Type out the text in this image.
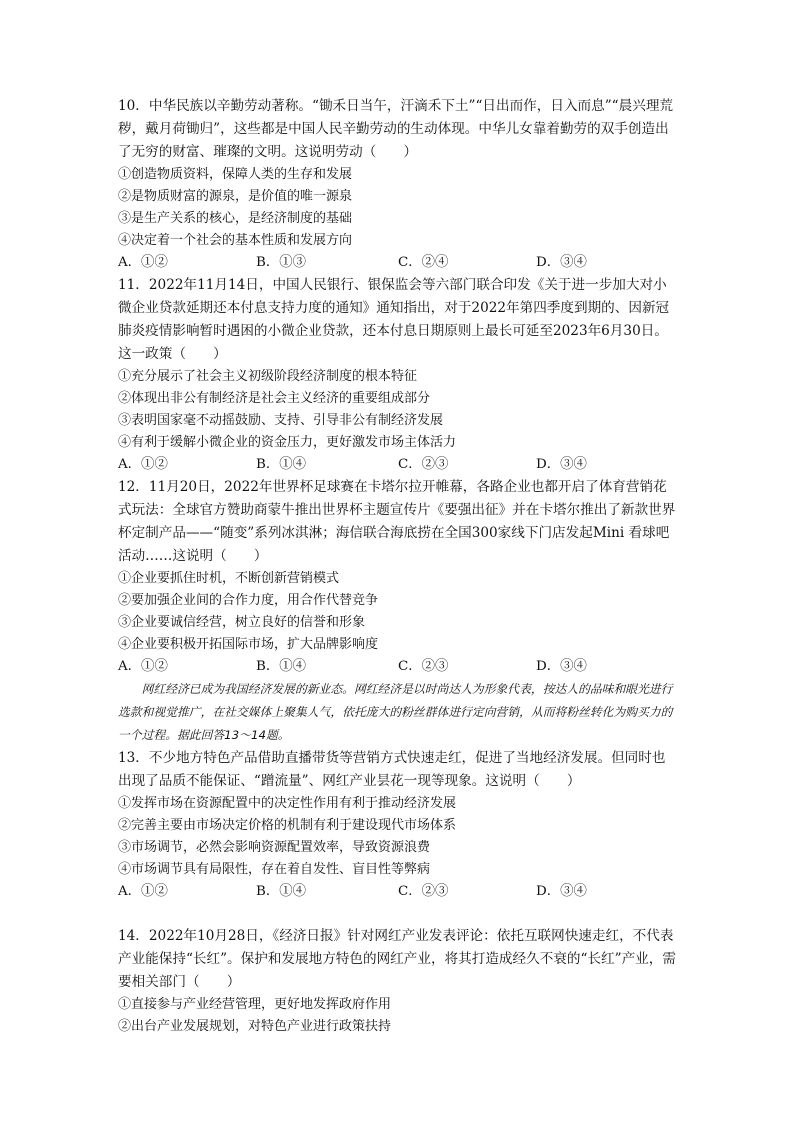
10．中华民族以辛勤劳动著称。“锄禾日当午，汗滴禾下土”“日出而作，日入而息”“晨兴理荒秽，戴月荷锄归”，这些都是中国人民辛勤劳动的生动体现。中华儿女靠着勤劳的双手创造出了无穷的财富、璀璨的文明。这说明劳动（　　）

①创造物质资料，保障人类的生存和发展

②是物质财富的源泉，是价值的唯一源泉

③是生产关系的核心，是经济制度的基础

④决定着一个社会的基本性质和发展方向

A．①②	B．①③	C．②④	D．③④

11．2022年11月14日，中国人民银行、银保监会等六部门联合印发《关于进一步加大对小微企业贷款延期还本付息支持力度的通知》通知指出，对于2022年第四季度到期的、因新冠肺炎疫情影响暂时遇困的小微企业贷款，还本付息日期原则上最长可延至2023年6月30日。这一政策（　　）

①充分展示了社会主义初级阶段经济制度的根本特征

②体现出非公有制经济是社会主义经济的重要组成部分

③表明国家毫不动摇鼓励、支持、引导非公有制经济发展

④有利于缓解小微企业的资金压力，更好激发市场主体活力

A．①②	B．①④	C．②③	D．③④

12．11月20日，2022年世界杯足球赛在卡塔尔拉开帷幕，各路企业也都开启了体育营销花式玩法：全球官方赞助商蒙牛推出世界杯主题宣传片《要强出征》并在卡塔尔推出了新款世界杯定制产品——“随变”系列冰淇淋；海信联合海底捞在全国300家线下门店发起Mini 看球吧活动……这说明（　　）

①企业要抓住时机，不断创新营销模式

②要加强企业间的合作力度，用合作代替竞争

③企业要诚信经营，树立良好的信誉和形象

④企业要积极开拓国际市场，扩大品牌影响度

A．①②	B．①④	C．②③	D．③④

网红经济已成为我国经济发展的新业态。网红经济是以时尚达人为形象代表，按达人的品味和眼光进行选款和视觉推广，在社交媒体上聚集人气，依托庞大的粉丝群体进行定向营销，从而将粉丝转化为购买力的一个过程。据此回答13～14题。

13．不少地方特色产品借助直播带货等营销方式快速走红，促进了当地经济发展。但同时也出现了品质不能保证、“蹭流量”、网红产业昙花一现等现象。这说明（　　）

①发挥市场在资源配置中的决定性作用有利于推动经济发展

②完善主要由市场决定价格的机制有利于建设现代市场体系

③市场调节，必然会影响资源配置效率，导致资源浪费

④市场调节具有局限性，存在着自发性、盲目性等弊病

A．①②	B．①④	C．②③	D．③④

14．2022年10月28日，《经济日报》针对网红产业发表评论：依托互联网快速走红，不代表产业能保持“长红”。保护和发展地方特色的网红产业，将其打造成经久不衰的“长红”产业，需要相关部门（　　）

①直接参与产业经营管理，更好地发挥政府作用

②出台产业发展规划，对特色产业进行政策扶持
